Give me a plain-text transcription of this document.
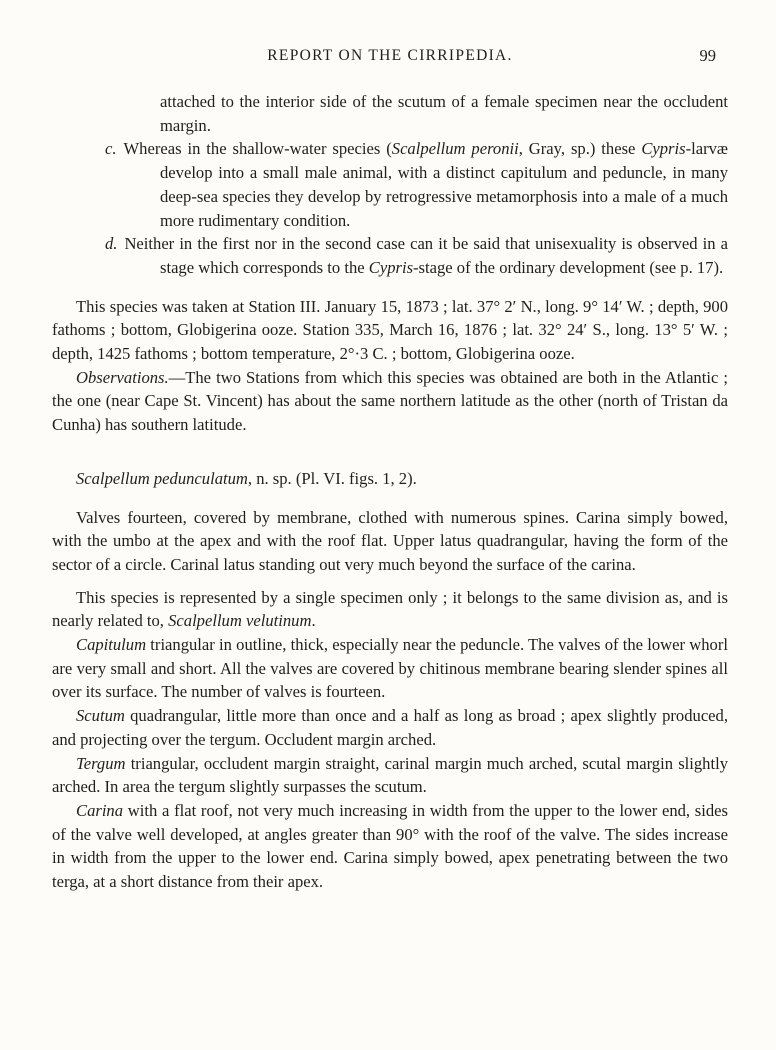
REPORT ON THE CIRRIPEDIA.	99

attached to the interior side of the scutum of a female specimen near the occludent margin.

c. Whereas in the shallow-water species (Scalpellum peronii, Gray, sp.) these Cypris-larvæ develop into a small male animal, with a distinct capitulum and peduncle, in many deep-sea species they develop by retrogressive metamorphosis into a male of a much more rudimentary condition.

d. Neither in the first nor in the second case can it be said that unisexuality is observed in a stage which corresponds to the Cypris-stage of the ordinary development (see p. 17).

This species was taken at Station III. January 15, 1873 ; lat. 37° 2′ N., long. 9° 14′ W. ; depth, 900 fathoms ; bottom, Globigerina ooze. Station 335, March 16, 1876 ; lat. 32° 24′ S., long. 13° 5′ W. ; depth, 1425 fathoms ; bottom temperature, 2°·3 C. ; bottom, Globigerina ooze.

Observations.—The two Stations from which this species was obtained are both in the Atlantic ; the one (near Cape St. Vincent) has about the same northern latitude as the other (north of Tristan da Cunha) has southern latitude.

Scalpellum pedunculatum, n. sp. (Pl. VI. figs. 1, 2).

Valves fourteen, covered by membrane, clothed with numerous spines. Carina simply bowed, with the umbo at the apex and with the roof flat. Upper latus quadrangular, having the form of the sector of a circle. Carinal latus standing out very much beyond the surface of the carina.

This species is represented by a single specimen only ; it belongs to the same division as, and is nearly related to, Scalpellum velutinum.

Capitulum triangular in outline, thick, especially near the peduncle. The valves of the lower whorl are very small and short. All the valves are covered by chitinous membrane bearing slender spines all over its surface. The number of valves is fourteen.

Scutum quadrangular, little more than once and a half as long as broad ; apex slightly produced, and projecting over the tergum. Occludent margin arched.

Tergum triangular, occludent margin straight, carinal margin much arched, scutal margin slightly arched. In area the tergum slightly surpasses the scutum.

Carina with a flat roof, not very much increasing in width from the upper to the lower end, sides of the valve well developed, at angles greater than 90° with the roof of the valve. The sides increase in width from the upper to the lower end. Carina simply bowed, apex penetrating between the two terga, at a short distance from their apex.
